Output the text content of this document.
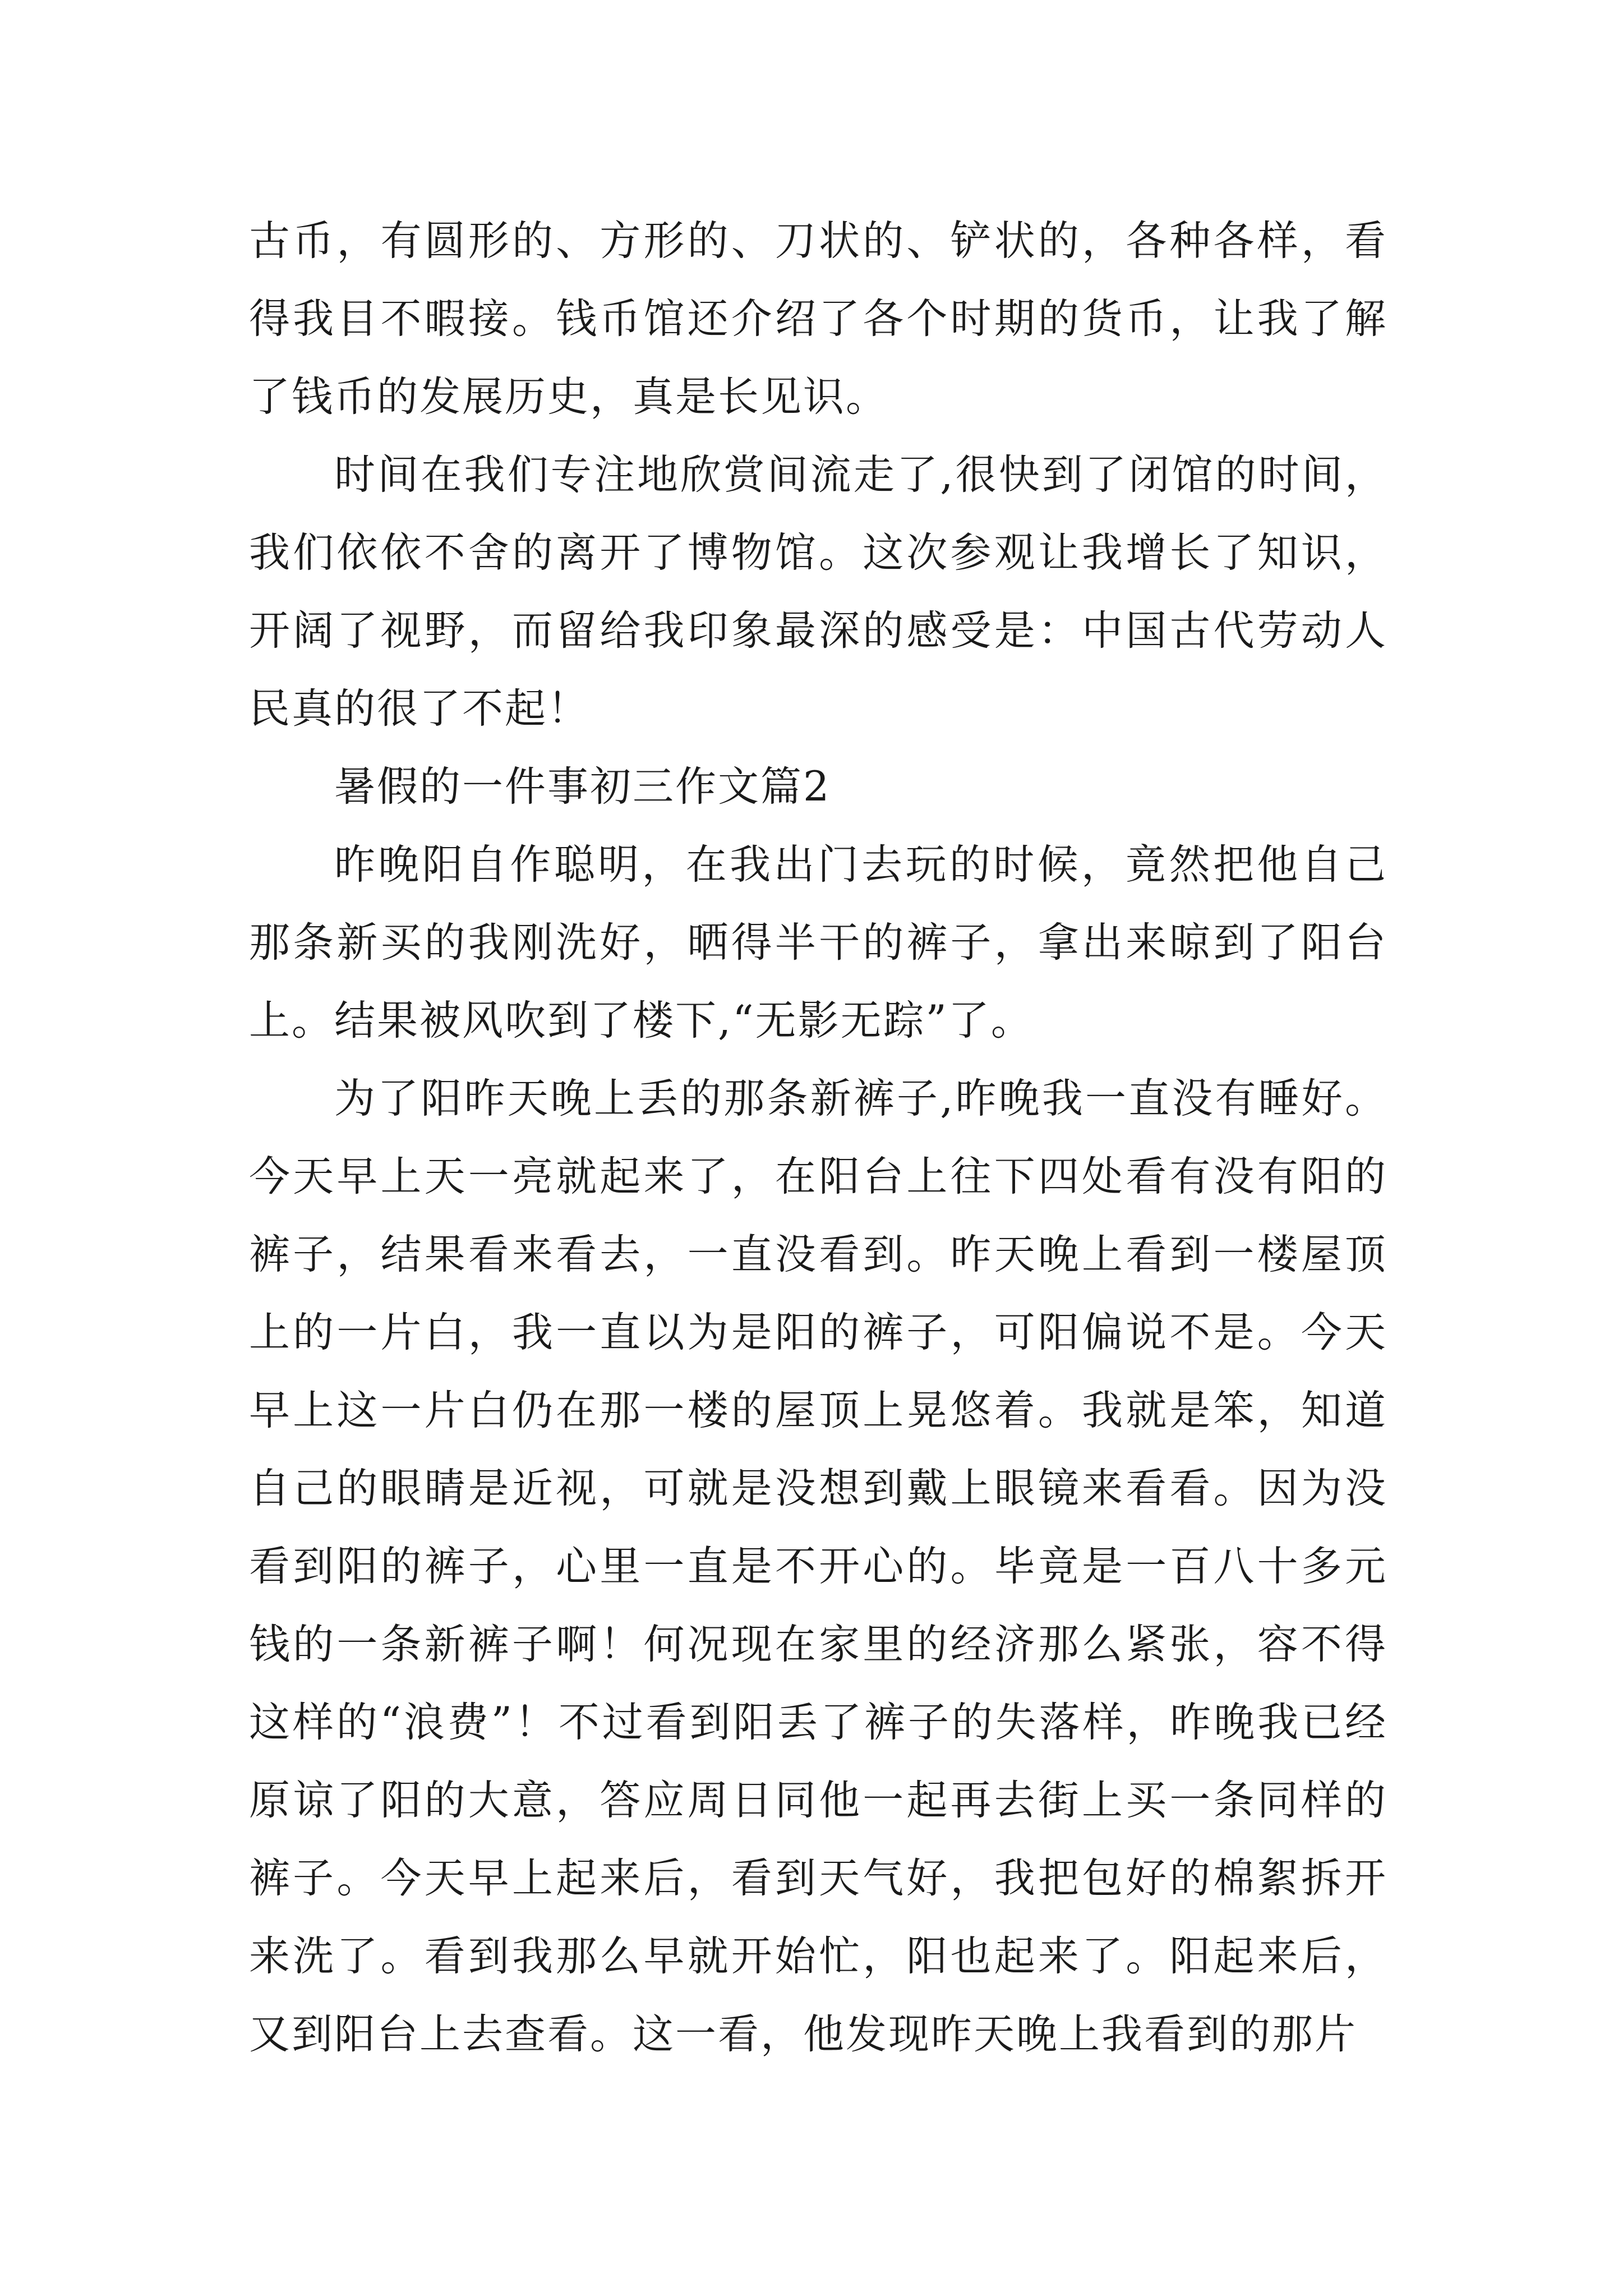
古币，有圆形的、方形的、刀状的、铲状的，各种各样，看得我目不暇接。钱币馆还介绍了各个时期的货币，让我了解了钱币的发展历史，真是长见识。

时间在我们专注地欣赏间流走了,很快到了闭馆的时间，我们依依不舍的离开了博物馆。这次参观让我增长了知识，开阔了视野，而留给我印象最深的感受是：中国古代劳动人民真的很了不起！

暑假的一件事初三作文篇2

昨晚阳自作聪明，在我出门去玩的时候，竟然把他自己那条新买的我刚洗好，晒得半干的裤子，拿出来晾到了阳台上。结果被风吹到了楼下,“无影无踪”了。

为了阳昨天晚上丢的那条新裤子,昨晚我一直没有睡好。今天早上天一亮就起来了，在阳台上往下四处看有没有阳的裤子，结果看来看去，一直没看到。昨天晚上看到一楼屋顶上的一片白，我一直以为是阳的裤子，可阳偏说不是。今天早上这一片白仍在那一楼的屋顶上晃悠着。我就是笨，知道自己的眼睛是近视，可就是没想到戴上眼镜来看看。因为没看到阳的裤子，心里一直是不开心的。毕竟是一百八十多元钱的一条新裤子啊！何况现在家里的经济那么紧张，容不得这样的“浪费”！不过看到阳丢了裤子的失落样，昨晚我已经原谅了阳的大意，答应周日同他一起再去街上买一条同样的裤子。今天早上起来后，看到天气好，我把包好的棉絮拆开来洗了。看到我那么早就开始忙，阳也起来了。阳起来后，又到阳台上去查看。这一看，他发现昨天晚上我看到的那片
